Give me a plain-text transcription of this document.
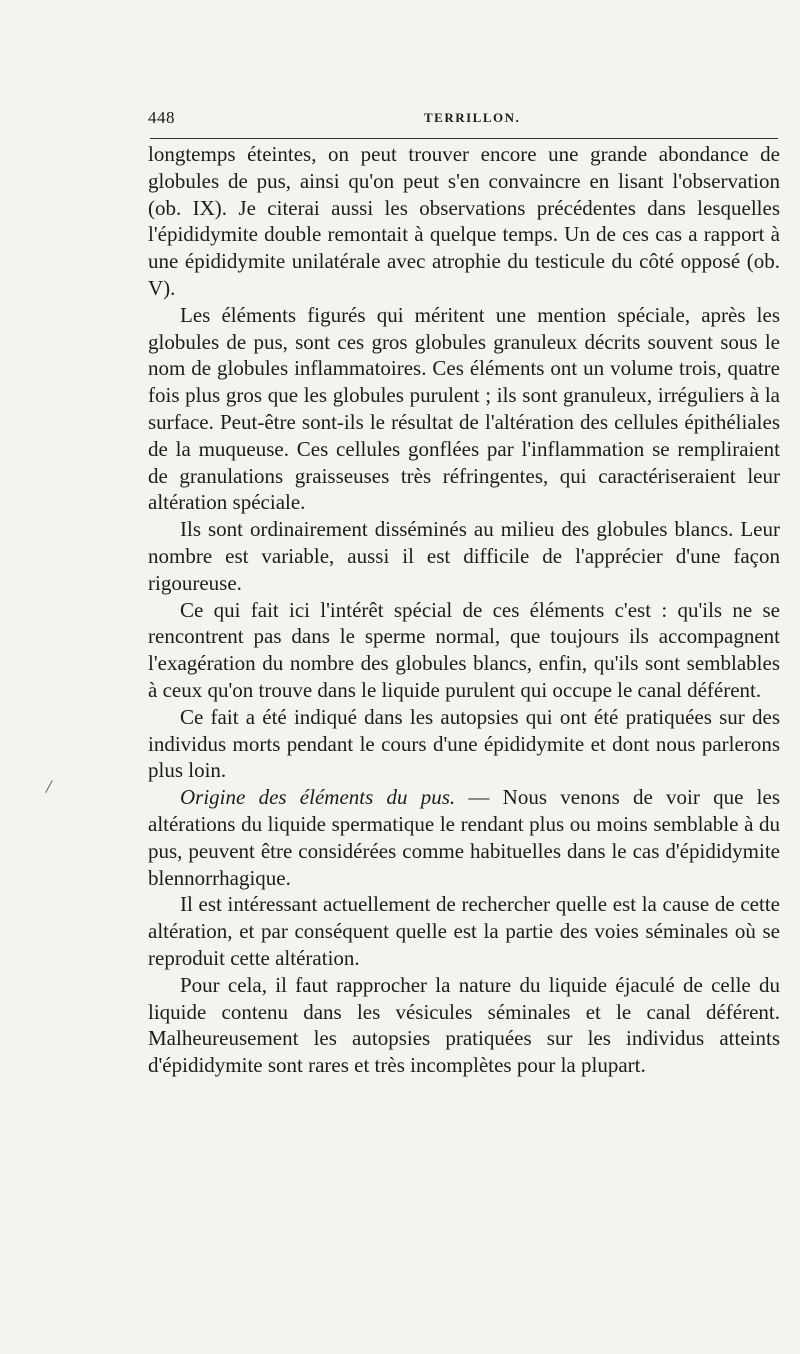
448	TERRILLON.
/

longtemps éteintes, on peut trouver encore une grande abondance de globules de pus, ainsi qu'on peut s'en convaincre en lisant l'observation (ob. IX). Je citerai aussi les observations précédentes dans lesquelles l'épididymite double remontait à quelque temps. Un de ces cas a rapport à une épididymite unilatérale avec atrophie du testicule du côté opposé (ob. V).

Les éléments figurés qui méritent une mention spéciale, après les globules de pus, sont ces gros globules granuleux décrits souvent sous le nom de globules inflammatoires. Ces éléments ont un volume trois, quatre fois plus gros que les globules purulent ; ils sont granuleux, irréguliers à la surface. Peut-être sont-ils le résultat de l'altération des cellules épithéliales de la muqueuse. Ces cellules gonflées par l'inflammation se rempliraient de granulations graisseuses très réfringentes, qui caractériseraient leur altération spéciale.

Ils sont ordinairement disséminés au milieu des globules blancs. Leur nombre est variable, aussi il est difficile de l'apprécier d'une façon rigoureuse.

Ce qui fait ici l'intérêt spécial de ces éléments c'est : qu'ils ne se rencontrent pas dans le sperme normal, que toujours ils accompagnent l'exagération du nombre des globules blancs, enfin, qu'ils sont semblables à ceux qu'on trouve dans le liquide purulent qui occupe le canal déférent.

Ce fait a été indiqué dans les autopsies qui ont été pratiquées sur des individus morts pendant le cours d'une épididymite et dont nous parlerons plus loin.

Origine des éléments du pus. — Nous venons de voir que les altérations du liquide spermatique le rendant plus ou moins semblable à du pus, peuvent être considérées comme habituelles dans le cas d'épididymite blennorrhagique.

Il est intéressant actuellement de rechercher quelle est la cause de cette altération, et par conséquent quelle est la partie des voies séminales où se reproduit cette altération.

Pour cela, il faut rapprocher la nature du liquide éjaculé de celle du liquide contenu dans les vésicules séminales et le canal déférent. Malheureusement les autopsies pratiquées sur les individus atteints d'épididymite sont rares et très incomplètes pour la plupart.
